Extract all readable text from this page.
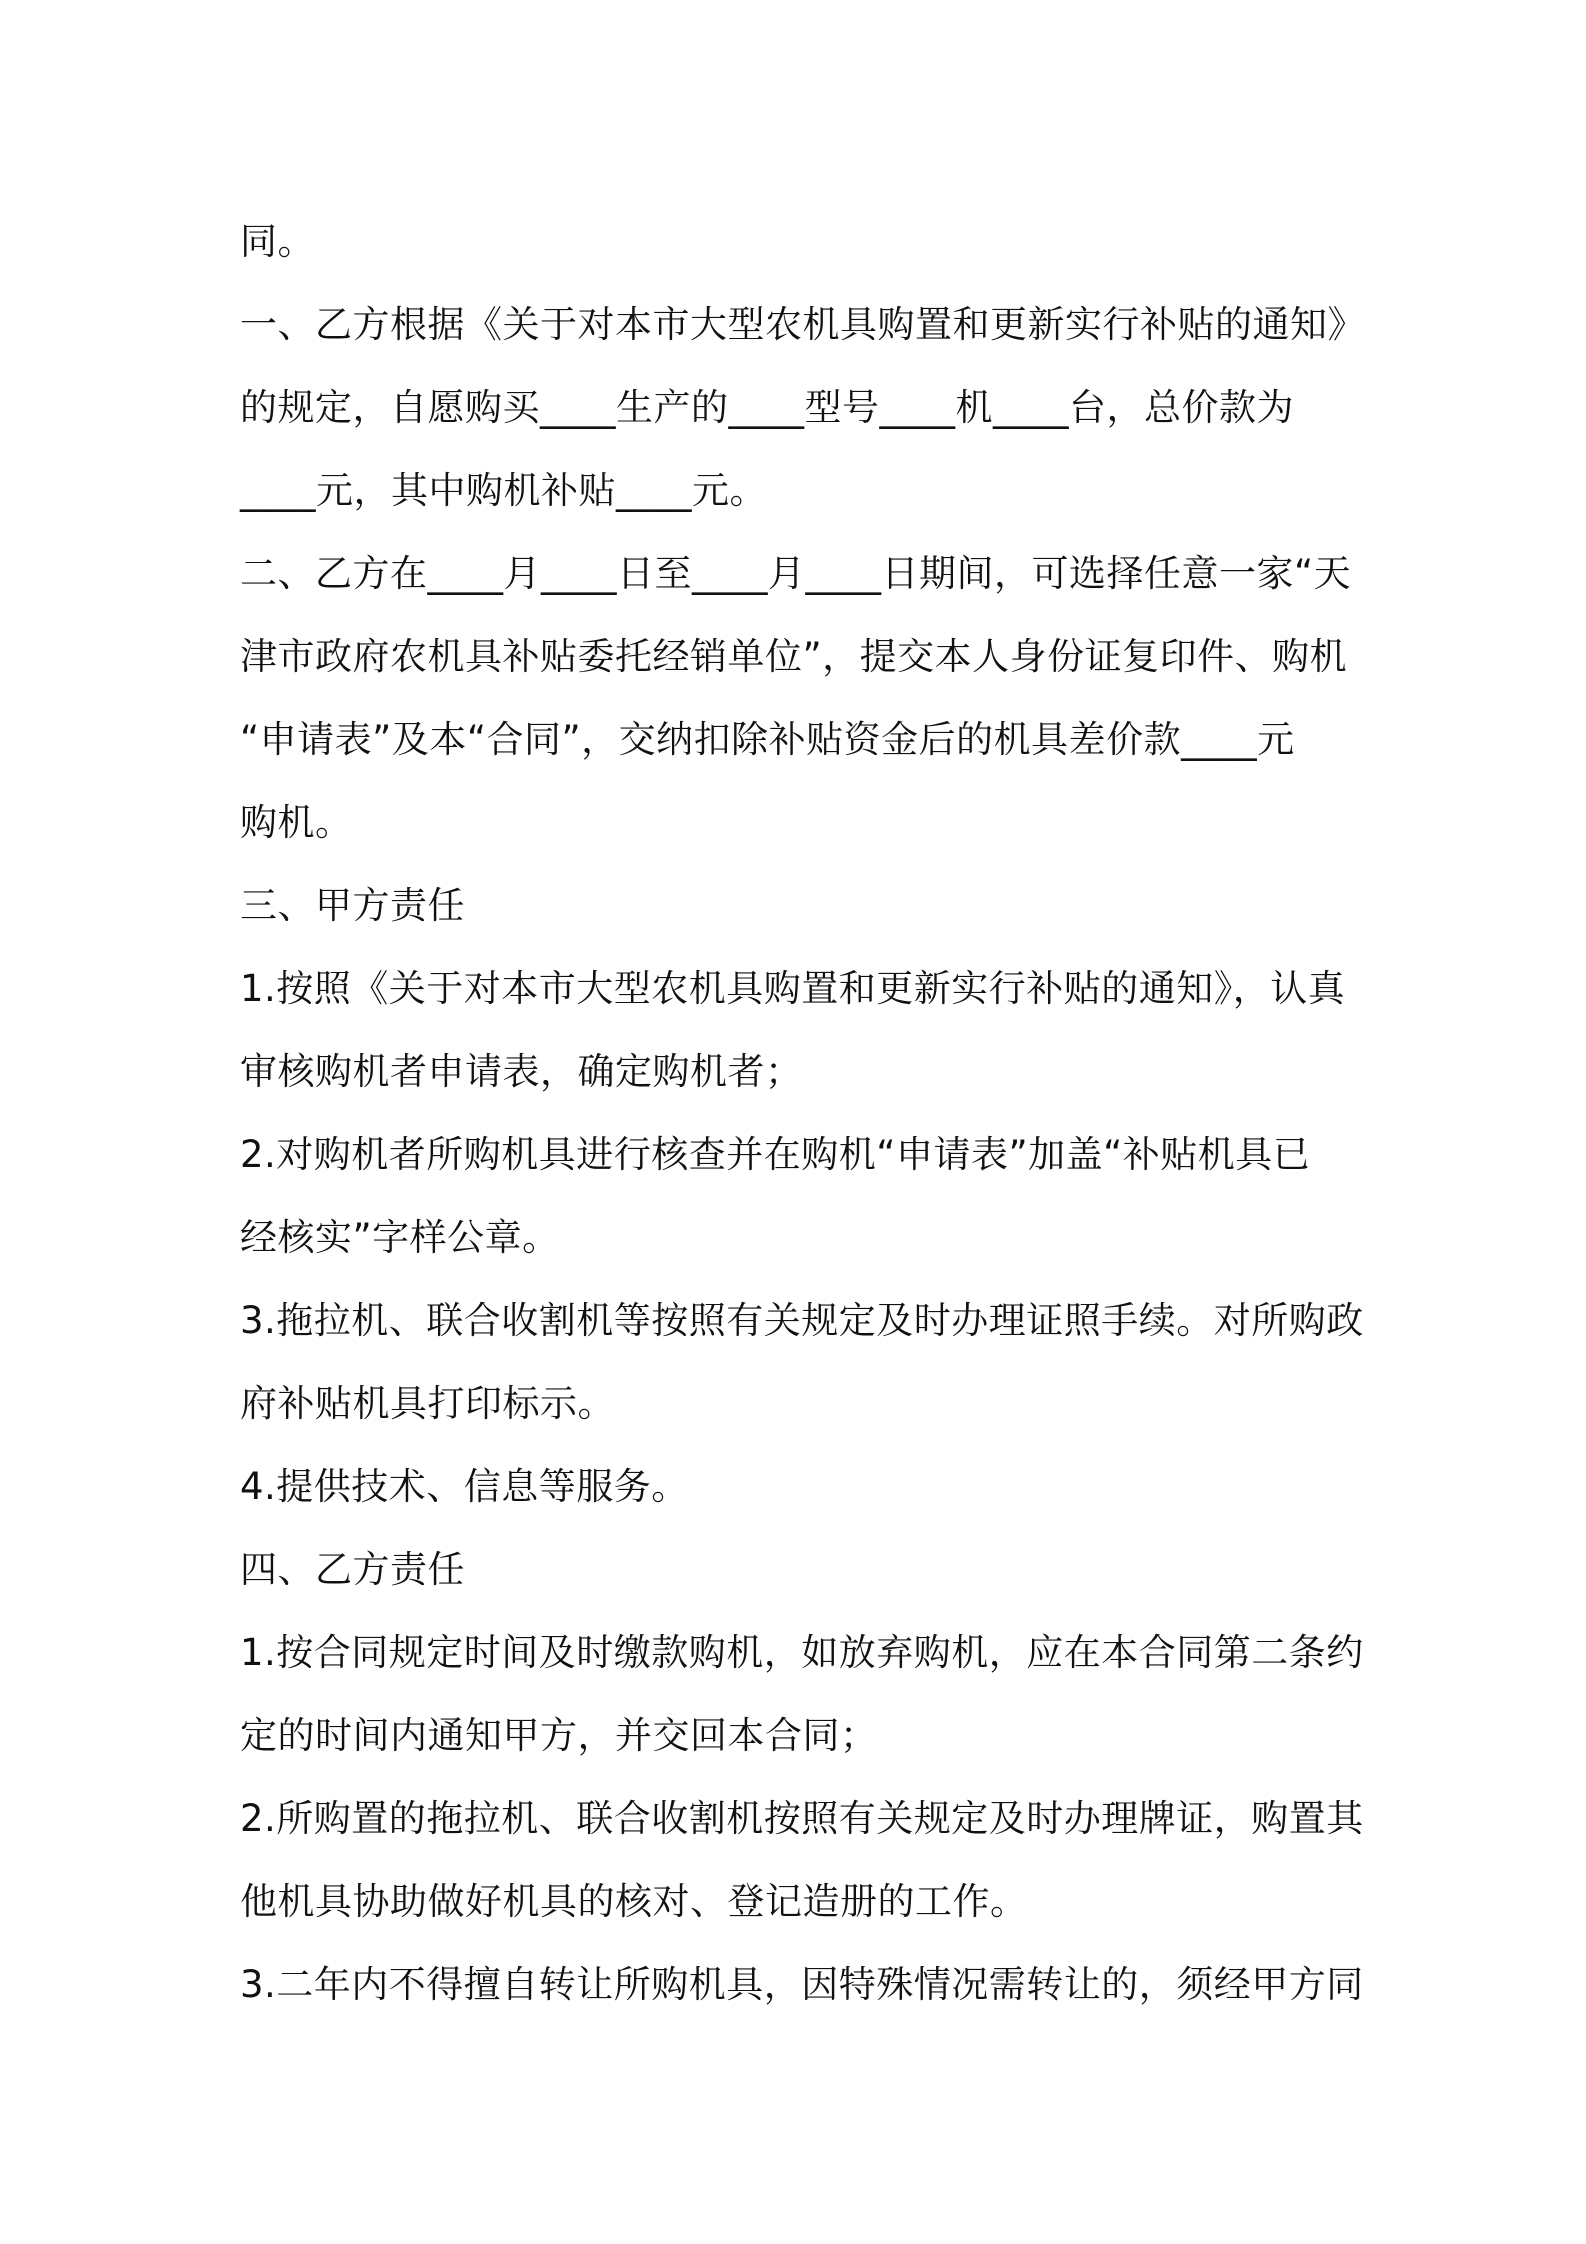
同。

一、乙方根据《关于对本市大型农机具购置和更新实行补贴的通知》

的规定，自愿购买____生产的____型号____机____台，总价款为

____元，其中购机补贴____元。

二、乙方在____月____日至____月____日期间，可选择任意一家“天

津市政府农机具补贴委托经销单位”，提交本人身份证复印件、购机

“申请表”及本“合同”，交纳扣除补贴资金后的机具差价款____元

购机。

三、甲方责任

1.按照《关于对本市大型农机具购置和更新实行补贴的通知》，认真

审核购机者申请表，确定购机者；

2.对购机者所购机具进行核查并在购机“申请表”加盖“补贴机具已

经核实”字样公章。

3.拖拉机、联合收割机等按照有关规定及时办理证照手续。对所购政

府补贴机具打印标示。

4.提供技术、信息等服务。

四、乙方责任

1.按合同规定时间及时缴款购机，如放弃购机，应在本合同第二条约

定的时间内通知甲方，并交回本合同；

2.所购置的拖拉机、联合收割机按照有关规定及时办理牌证，购置其

他机具协助做好机具的核对、登记造册的工作。

3.二年内不得擅自转让所购机具，因特殊情况需转让的，须经甲方同
